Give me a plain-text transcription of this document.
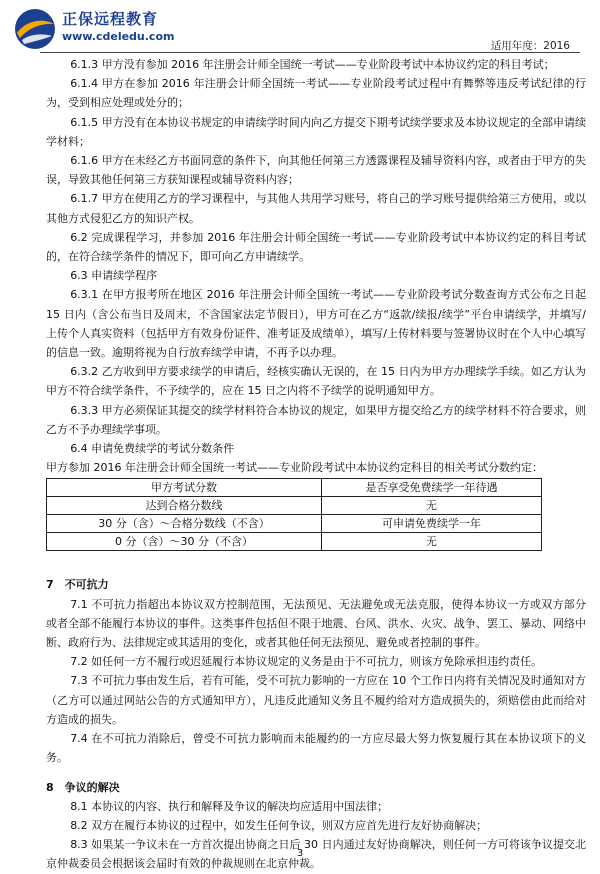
正保远程教育
www.cdeledu.com
适用年度：2016

6.1.3 甲方没有参加 2016 年注册会计师全国统一考试——专业阶段考试中本协议约定的科目考试；

6.1.4 甲方在参加 2016 年注册会计师全国统一考试——专业阶段考试过程中有舞弊等违反考试纪律的行为，受到相应处理或处分的；

6.1.5 甲方没有在本协议书规定的申请续学时间内向乙方提交下期考试续学要求及本协议规定的全部申请续学材料；

6.1.6 甲方在未经乙方书面同意的条件下，向其他任何第三方透露课程及辅导资料内容，或者由于甲方的失误，导致其他任何第三方获知课程或辅导资料内容；

6.1.7 甲方在使用乙方的学习课程中，与其他人共用学习账号，将自己的学习账号提供给第三方使用，或以其他方式侵犯乙方的知识产权。

6.2 完成课程学习，并参加 2016 年注册会计师全国统一考试——专业阶段考试中本协议约定的科目考试的，在符合续学条件的情况下，即可向乙方申请续学。

6.3 申请续学程序

6.3.1 在甲方报考所在地区 2016 年注册会计师全国统一考试——专业阶段考试分数查询方式公布之日起 15 日内（含公布当日及周末，不含国家法定节假日），甲方可在乙方“返款/续报/续学”平台申请续学，并填写/上传个人真实资料（包括甲方有效身份证件、准考证及成绩单），填写/上传材料要与签署协议时在个人中心填写的信息一致。逾期将视为自行放弃续学申请，不再予以办理。

6.3.2 乙方收到甲方要求续学的申请后，经核实确认无误的，在 15 日内为甲方办理续学手续。如乙方认为甲方不符合续学条件，不予续学的，应在 15 日之内将不予续学的说明通知甲方。

6.3.3 甲方必须保证其提交的续学材料符合本协议的规定，如果甲方提交给乙方的续学材料不符合要求，则乙方不予办理续学事项。

6.4 申请免费续学的考试分数条件

甲方参加 2016 年注册会计师全国统一考试——专业阶段考试中本协议约定科目的相关考试分数约定：

甲方考试分数	是否享受免费续学一年待遇
达到合格分数线	无
30 分（含）～合格分数线（不含）	可申请免费续学一年
0 分（含）～30 分（不含）	无

7　不可抗力

7.1 不可抗力指超出本协议双方控制范围，无法预见、无法避免或无法克服，使得本协议一方或双方部分或者全部不能履行本协议的事件。这类事件包括但不限于地震、台风、洪水、火灾、战争、罢工、暴动、网络中断、政府行为、法律规定或其适用的变化，或者其他任何无法预见、避免或者控制的事件。

7.2 如任何一方不履行或迟延履行本协议规定的义务是由于不可抗力，则该方免除承担违约责任。

7.3 不可抗力事由发生后，若有可能，受不可抗力影响的一方应在 10 个工作日内将有关情况及时通知对方（乙方可以通过网站公告的方式通知甲方），凡违反此通知义务且不履约给对方造成损失的，须赔偿由此而给对方造成的损失。

7.4 在不可抗力消除后，曾受不可抗力影响而未能履约的一方应尽最大努力恢复履行其在本协议项下的义务。

8　争议的解决

8.1 本协议的内容、执行和解释及争议的解决均应适用中国法律；

8.2 双方在履行本协议的过程中，如发生任何争议，则双方应首先进行友好协商解决；

8.3 如果某一争议未在一方首次提出协商之日后 30 日内通过友好协商解决，则任何一方可将该争议提交北京仲裁委员会根据该会届时有效的仲裁规则在北京仲裁。

3
